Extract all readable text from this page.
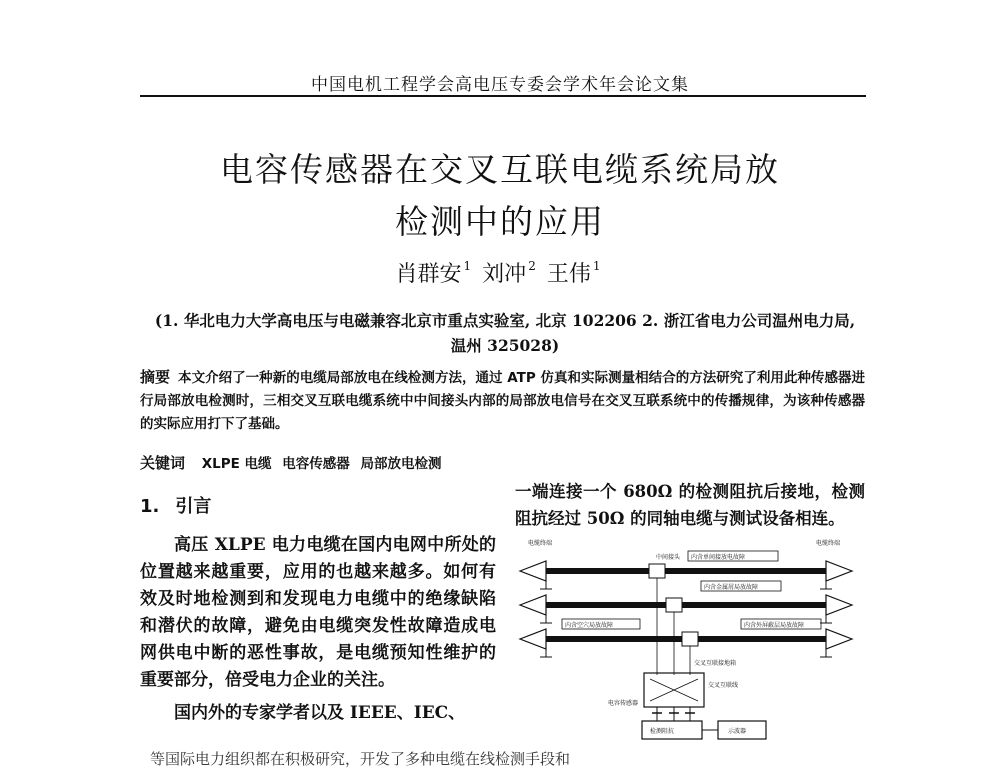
中国电机工程学会高电压专委会学术年会论文集
电容传感器在交叉互联电缆系统局放
检测中的应用
肖群安 $^1$ 刘冲 $^2$ 王伟 $^1$
(1. 华北电力大学高电压与电磁兼容北京市重点实验室, 北京 102206 2. 浙江省电力公司温州电力局, 温州 325028)
摘要 本文介绍了一种新的电缆局部放电在线检测方法，通过 ATP 仿真和实际测量相结合的方法研究了利用此种传感器进行局部放电检测时，三相交叉互联电缆系统中中间接头内部的局部放电信号在交叉互联系统中的传播规律，为该种传感器的实际应用打下了基础。
关键词 XLPE 电缆 电容传感器 局部放电检测
1. 引言

高压 XLPE 电力电缆在国内电网中所处的位置越来越重要，应用的也越来越多。如何有效及时地检测到和发现电力电缆中的绝缘缺陷和潜伏的故障，避免由电缆突发性故障造成电网供电中断的恶性事故，是电缆预知性维护的重要部分，倍受电力企业的关注。

国内外的专家学者以及 IEEE、IEC、

一端连接一个 680Ω 的检测阻抗后接地，检测阻抗经过 50Ω 的同轴电缆与测试设备相连。
电缆终端	电缆终端
中间接头 内含单间接放电故障
内含金属屑局放故障
内含空穴局放故障	内含外屏蔽层局放故障
交叉互联接地箱
交叉互联线
电容传感器
检测阻抗	示波器
等国际电力组织都在积极研究，开发了多种电缆在线检测手段和
